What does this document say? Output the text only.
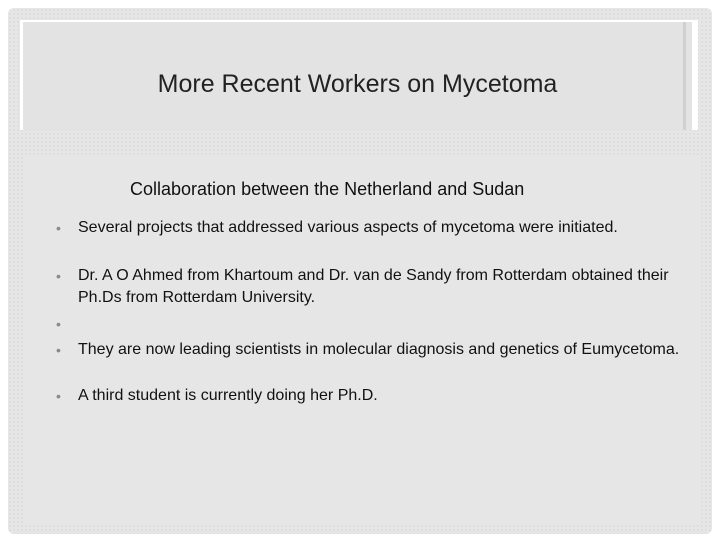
More Recent Workers on Mycetoma

Collaboration between the Netherland and Sudan

• Several projects that addressed various aspects of mycetoma were initiated.
• Dr. A O Ahmed from Khartoum and Dr. van de Sandy from Rotterdam obtained their Ph.Ds from Rotterdam University.
•
• They are now leading scientists in molecular diagnosis and genetics of Eumycetoma.
• A third student is currently doing her Ph.D.
